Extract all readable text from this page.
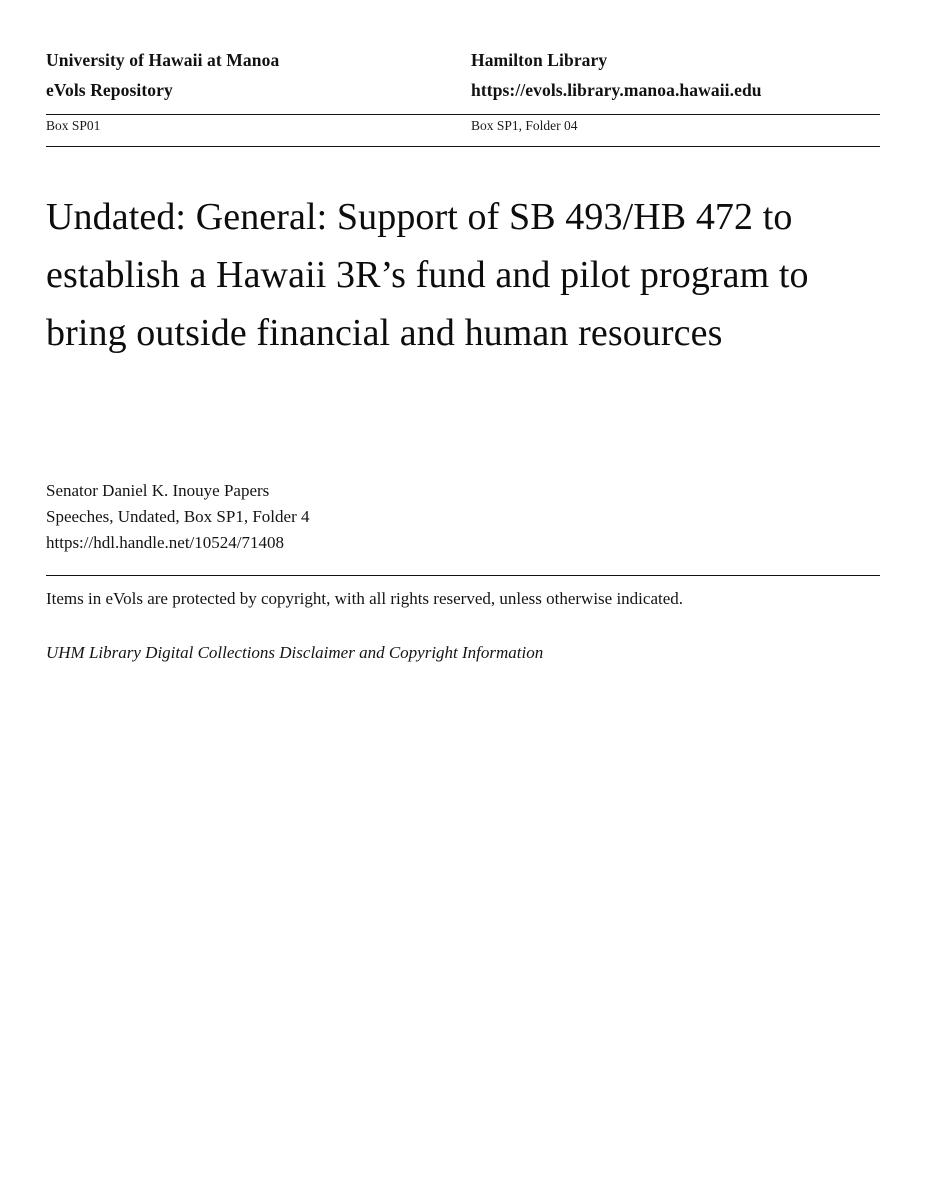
University of Hawaii at Manoa	Hamilton Library
eVols Repository	https://evols.library.manoa.hawaii.edu
Box SP01	Box SP1, Folder 04
Undated: General: Support of SB 493/HB 472 to establish a Hawaii 3R’s fund and pilot program to bring outside financial and human resources
Senator Daniel K. Inouye Papers
Speeches, Undated, Box SP1, Folder 4
https://hdl.handle.net/10524/71408
Items in eVols are protected by copyright, with all rights reserved, unless otherwise indicated.
UHM Library Digital Collections Disclaimer and Copyright Information
